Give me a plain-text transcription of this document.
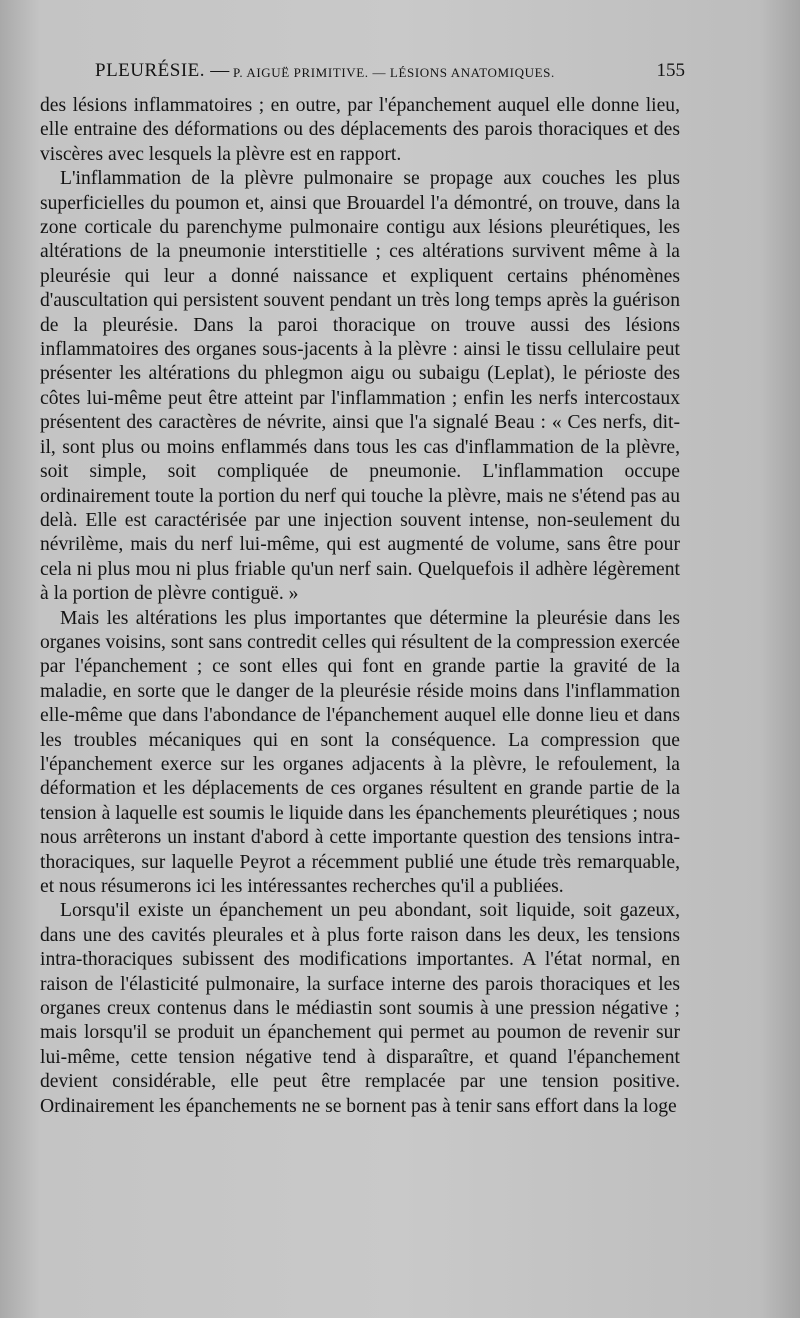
PLEURÉSIE. — P. AIGUË PRIMITIVE. — LÉSIONS ANATOMIQUES.	155

des lésions inflammatoires ; en outre, par l'épanchement auquel elle donne lieu, elle entraine des déformations ou des déplacements des parois thoraciques et des viscères avec lesquels la plèvre est en rapport.

L'inflammation de la plèvre pulmonaire se propage aux couches les plus superficielles du poumon et, ainsi que Brouardel l'a démontré, on trouve, dans la zone corticale du parenchyme pulmonaire contigu aux lésions pleurétiques, les altérations de la pneumonie interstitielle ; ces altérations survivent même à la pleurésie qui leur a donné naissance et expliquent certains phénomènes d'auscultation qui persistent souvent pendant un très long temps après la guérison de la pleurésie. Dans la paroi thoracique on trouve aussi des lésions inflammatoires des organes sous-jacents à la plèvre : ainsi le tissu cellulaire peut présenter les altérations du phlegmon aigu ou subaigu (Leplat), le périoste des côtes lui-même peut être atteint par l'inflammation ; enfin les nerfs intercostaux présentent des caractères de névrite, ainsi que l'a signalé Beau : « Ces nerfs, dit-il, sont plus ou moins enflammés dans tous les cas d'inflammation de la plèvre, soit simple, soit compliquée de pneumonie. L'inflammation occupe ordinairement toute la portion du nerf qui touche la plèvre, mais ne s'étend pas au delà. Elle est caractérisée par une injection souvent intense, non-seulement du névrilème, mais du nerf lui-même, qui est augmenté de volume, sans être pour cela ni plus mou ni plus friable qu'un nerf sain. Quelquefois il adhère légèrement à la portion de plèvre contiguë. »

Mais les altérations les plus importantes que détermine la pleurésie dans les organes voisins, sont sans contredit celles qui résultent de la compression exercée par l'épanchement ; ce sont elles qui font en grande partie la gravité de la maladie, en sorte que le danger de la pleurésie réside moins dans l'inflammation elle-même que dans l'abondance de l'épanchement auquel elle donne lieu et dans les troubles mécaniques qui en sont la conséquence. La compression que l'épanchement exerce sur les organes adjacents à la plèvre, le refoulement, la déformation et les déplacements de ces organes résultent en grande partie de la tension à laquelle est soumis le liquide dans les épanchements pleurétiques ; nous nous arrêterons un instant d'abord à cette importante question des tensions intra-thoraciques, sur laquelle Peyrot a récemment publié une étude très remarquable, et nous résumerons ici les intéressantes recherches qu'il a publiées.

Lorsqu'il existe un épanchement un peu abondant, soit liquide, soit gazeux, dans une des cavités pleurales et à plus forte raison dans les deux, les tensions intra-thoraciques subissent des modifications importantes. A l'état normal, en raison de l'élasticité pulmonaire, la surface interne des parois thoraciques et les organes creux contenus dans le médiastin sont soumis à une pression négative ; mais lorsqu'il se produit un épanchement qui permet au poumon de revenir sur lui-même, cette tension négative tend à disparaître, et quand l'épanchement devient considérable, elle peut être remplacée par une tension positive. Ordinairement les épanchements ne se bornent pas à tenir sans effort dans la loge
